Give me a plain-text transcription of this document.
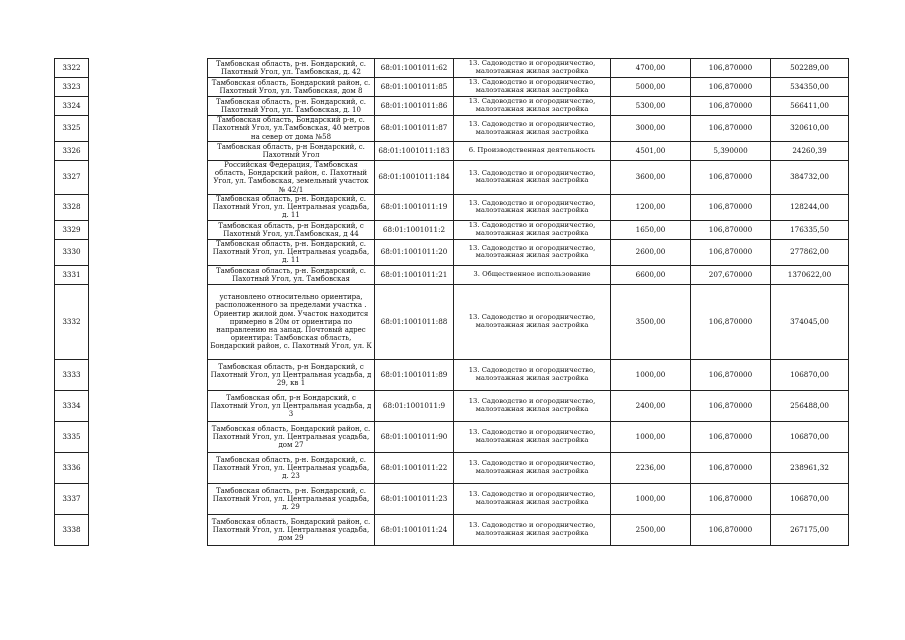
3322		Тамбовская область, р-н. Бондарский, с. Пахотный Угол, ул. Тамбовская, д. 42	68:01:1001011:62	13. Садоводство и огородничество, малоэтажная жилая застройка	4700,00	106,870000	502289,00
3323		Тамбовская область, Бондарский район, с. Пахотный Угол, ул. Тамбовская, дом 8	68:01:1001011:85	13. Садоводство и огородничество, малоэтажная жилая застройка	5000,00	106,870000	534350,00
3324		Тамбовская область, р-н. Бондарский, с. Пахотный Угол, ул. Тамбовская, д. 10	68:01:1001011:86	13. Садоводство и огородничество, малоэтажная жилая застройка	5300,00	106,870000	566411,00
3325		Тамбовская область, Бондарский р-н, с. Пахотный Угол, ул.Тамбовская, 40 метров на север от дома №58	68:01:1001011:87	13. Садоводство и огородничество, малоэтажная жилая застройка	3000,00	106,870000	320610,00
3326		Тамбовская область, р-н Бондарский, с. Пахотный Угол	68:01:1001011:183	6. Производственная деятельность	4501,00	5,390000	24260,39
3327		Российская Федерация, Тамбовская область, Бондарский район, с. Пахотный Угол, ул. Тамбовская, земельный участок № 42/1	68:01:1001011:184	13. Садоводство и огородничество, малоэтажная жилая застройка	3600,00	106,870000	384732,00
3328		Тамбовская область, р-н. Бондарский, с. Пахотный Угол, ул. Центральная усадьба, д. 11	68:01:1001011:19	13. Садоводство и огородничество, малоэтажная жилая застройка	1200,00	106,870000	128244,00
3329		Тамбовская область, р-н Бондарский, с Пахотный Угол, ул.Тамбовская, д 44	68:01:1001011:2	13. Садоводство и огородничество, малоэтажная жилая застройка	1650,00	106,870000	176335,50
3330		Тамбовская область, р-н. Бондарский, с. Пахотный Угол, ул. Центральная усадьба, д. 11	68:01:1001011:20	13. Садоводство и огородничество, малоэтажная жилая застройка	2600,00	106,870000	277862,00
3331		Тамбовская область, р-н. Бондарский, с. Пахотный Угол, ул. Тамбовская	68:01:1001011:21	3. Общественное использование	6600,00	207,670000	1370622,00
3332		установлено относительно ориентира, расположенного за пределами участка . Ориентир жилой дом. Участок находится примерно в 20м от ориентира по направлению на запад. Почтовый адрес ориентира: Тамбовская область, Бондарский район, с. Пахотный Угол, ул. К	68:01:1001011:88	13. Садоводство и огородничество, малоэтажная жилая застройка	3500,00	106,870000	374045,00
3333		Тамбовская область, р-н Бондарский, с Пахотный Угол, ул Центральная усадьба, д 29, кв 1	68:01:1001011:89	13. Садоводство и огородничество, малоэтажная жилая застройка	1000,00	106,870000	106870,00
3334		Тамбовская обл, р-н Бондарский, с Пахотный Угол, ул Центральная усадьба, д 3	68:01:1001011:9	13. Садоводство и огородничество, малоэтажная жилая застройка	2400,00	106,870000	256488,00
3335		Тамбовская область, Бондарский район, с. Пахотный Угол, ул. Центральная усадьба, дом 27	68:01:1001011:90	13. Садоводство и огородничество, малоэтажная жилая застройка	1000,00	106,870000	106870,00
3336		Тамбовская область, р-н. Бондарский, с. Пахотный Угол, ул. Центральная усадьба, д. 23	68:01:1001011:22	13. Садоводство и огородничество, малоэтажная жилая застройка	2236,00	106,870000	238961,32
3337		Тамбовская область, р-н. Бондарский, с. Пахотный Угол, ул. Центральная усадьба, д. 29	68:01:1001011:23	13. Садоводство и огородничество, малоэтажная жилая застройка	1000,00	106,870000	106870,00
3338		Тамбовская область, Бондарский район, с. Пахотный Угол, ул. Центральная усадьба, дом 29	68:01:1001011:24	13. Садоводство и огородничество, малоэтажная жилая застройка	2500,00	106,870000	267175,00
